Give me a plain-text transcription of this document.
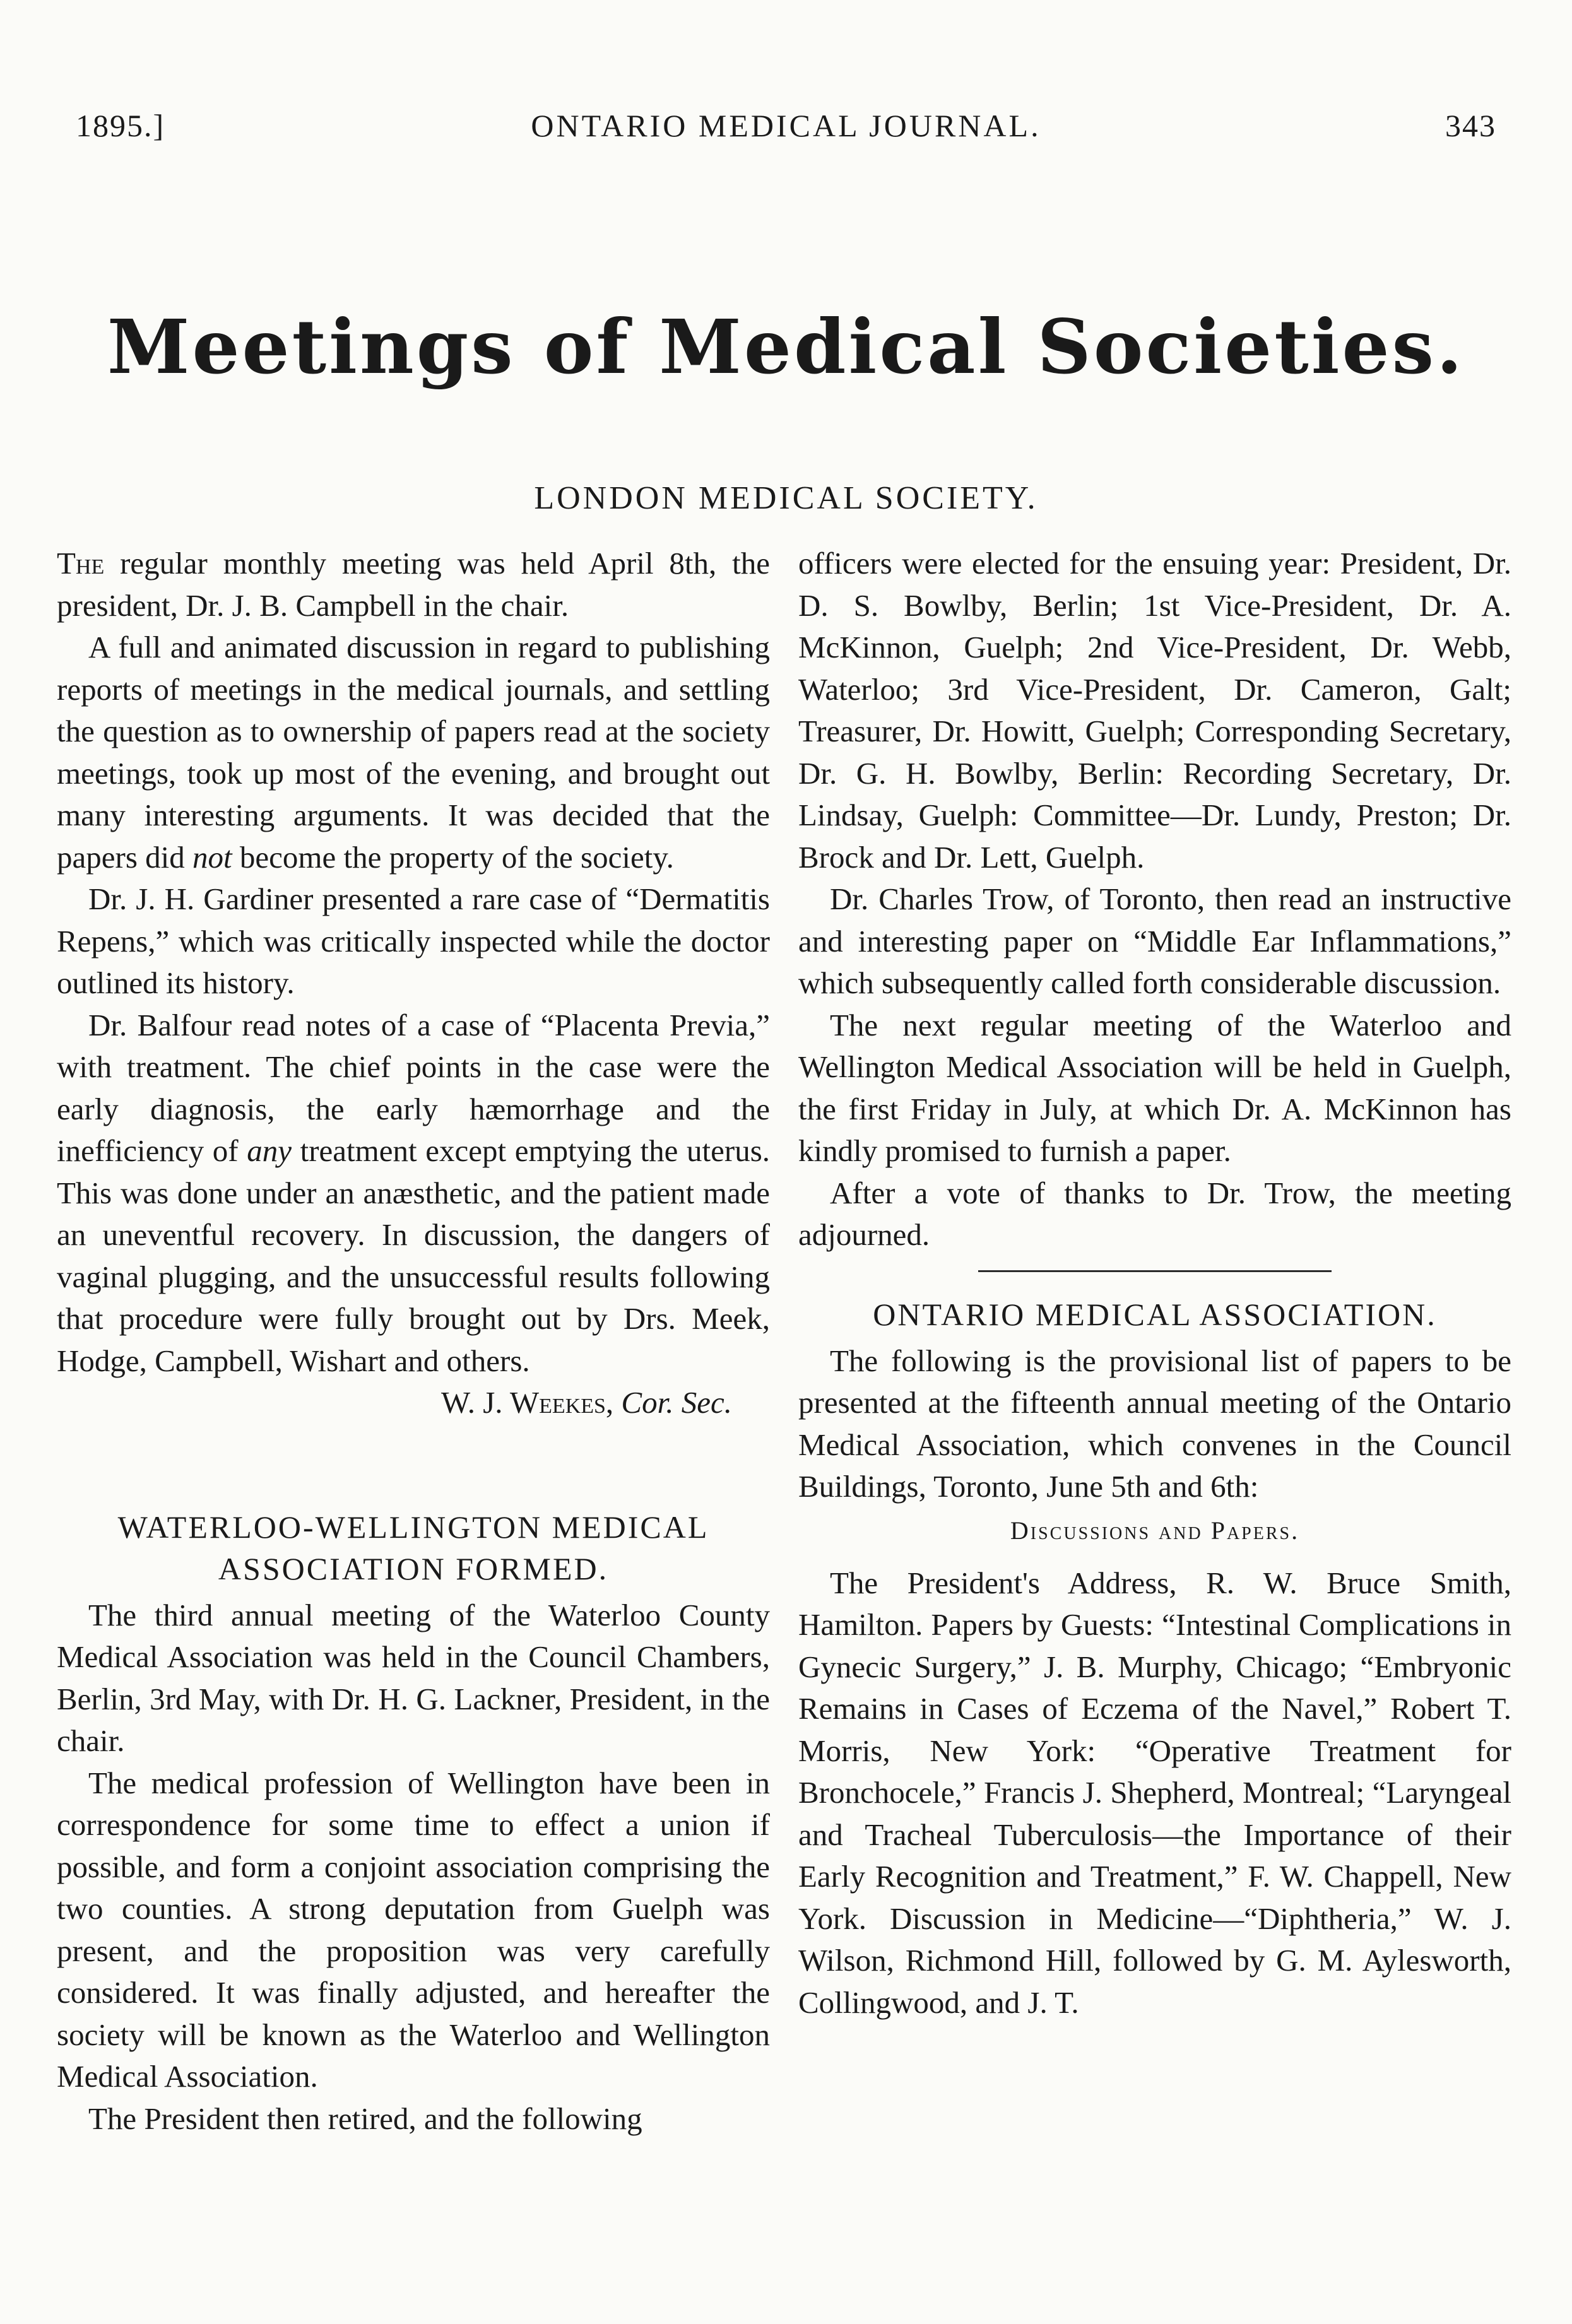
1895.]	ONTARIO MEDICAL JOURNAL.	343
Meetings of Medical Societies.
LONDON MEDICAL SOCIETY.

The regular monthly meeting was held April 8th, the president, Dr. J. B. Campbell in the chair.

A full and animated discussion in regard to publishing reports of meetings in the medical journals, and settling the question as to ownership of papers read at the society meetings, took up most of the evening, and brought out many interesting arguments. It was decided that the papers did not become the property of the society.

Dr. J. H. Gardiner presented a rare case of “Dermatitis Repens,” which was critically inspected while the doctor outlined its history.

Dr. Balfour read notes of a case of “Placenta Previa,” with treatment. The chief points in the case were the early diagnosis, the early hæmorrhage and the inefficiency of any treatment except emptying the uterus. This was done under an anæsthetic, and the patient made an uneventful recovery. In discussion, the dangers of vaginal plugging, and the unsuccessful results following that procedure were fully brought out by Drs. Meek, Hodge, Campbell, Wishart and others.

W. J. Weekes, Cor. Sec.

WATERLOO-WELLINGTON MEDICAL
ASSOCIATION FORMED.

The third annual meeting of the Waterloo County Medical Association was held in the Council Chambers, Berlin, 3rd May, with Dr. H. G. Lackner, President, in the chair.

The medical profession of Wellington have been in correspondence for some time to effect a union if possible, and form a conjoint association comprising the two counties. A strong deputation from Guelph was present, and the proposition was very carefully considered. It was finally adjusted, and hereafter the society will be known as the Waterloo and Wellington Medical Association.

The President then retired, and the following

officers were elected for the ensuing year: President, Dr. D. S. Bowlby, Berlin; 1st Vice-President, Dr. A. McKinnon, Guelph; 2nd Vice-President, Dr. Webb, Waterloo; 3rd Vice-President, Dr. Cameron, Galt; Treasurer, Dr. Howitt, Guelph; Corresponding Secretary, Dr. G. H. Bowlby, Berlin: Recording Secretary, Dr. Lindsay, Guelph: Committee—Dr. Lundy, Preston; Dr. Brock and Dr. Lett, Guelph.

Dr. Charles Trow, of Toronto, then read an instructive and interesting paper on “Middle Ear Inflammations,” which subsequently called forth considerable discussion.

The next regular meeting of the Waterloo and Wellington Medical Association will be held in Guelph, the first Friday in July, at which Dr. A. McKinnon has kindly promised to furnish a paper.

After a vote of thanks to Dr. Trow, the meeting adjourned.

ONTARIO MEDICAL ASSOCIATION.

The following is the provisional list of papers to be presented at the fifteenth annual meeting of the Ontario Medical Association, which convenes in the Council Buildings, Toronto, June 5th and 6th:

Discussions and Papers.

The President's Address, R. W. Bruce Smith, Hamilton. Papers by Guests: “Intestinal Complications in Gynecic Surgery,” J. B. Murphy, Chicago; “Embryonic Remains in Cases of Eczema of the Navel,” Robert T. Morris, New York: “Operative Treatment for Bronchocele,” Francis J. Shepherd, Montreal; “Laryngeal and Tracheal Tuberculosis—the Importance of their Early Recognition and Treatment,” F. W. Chappell, New York. Discussion in Medicine—“Diphtheria,” W. J. Wilson, Richmond Hill, followed by G. M. Aylesworth, Collingwood, and J. T.
